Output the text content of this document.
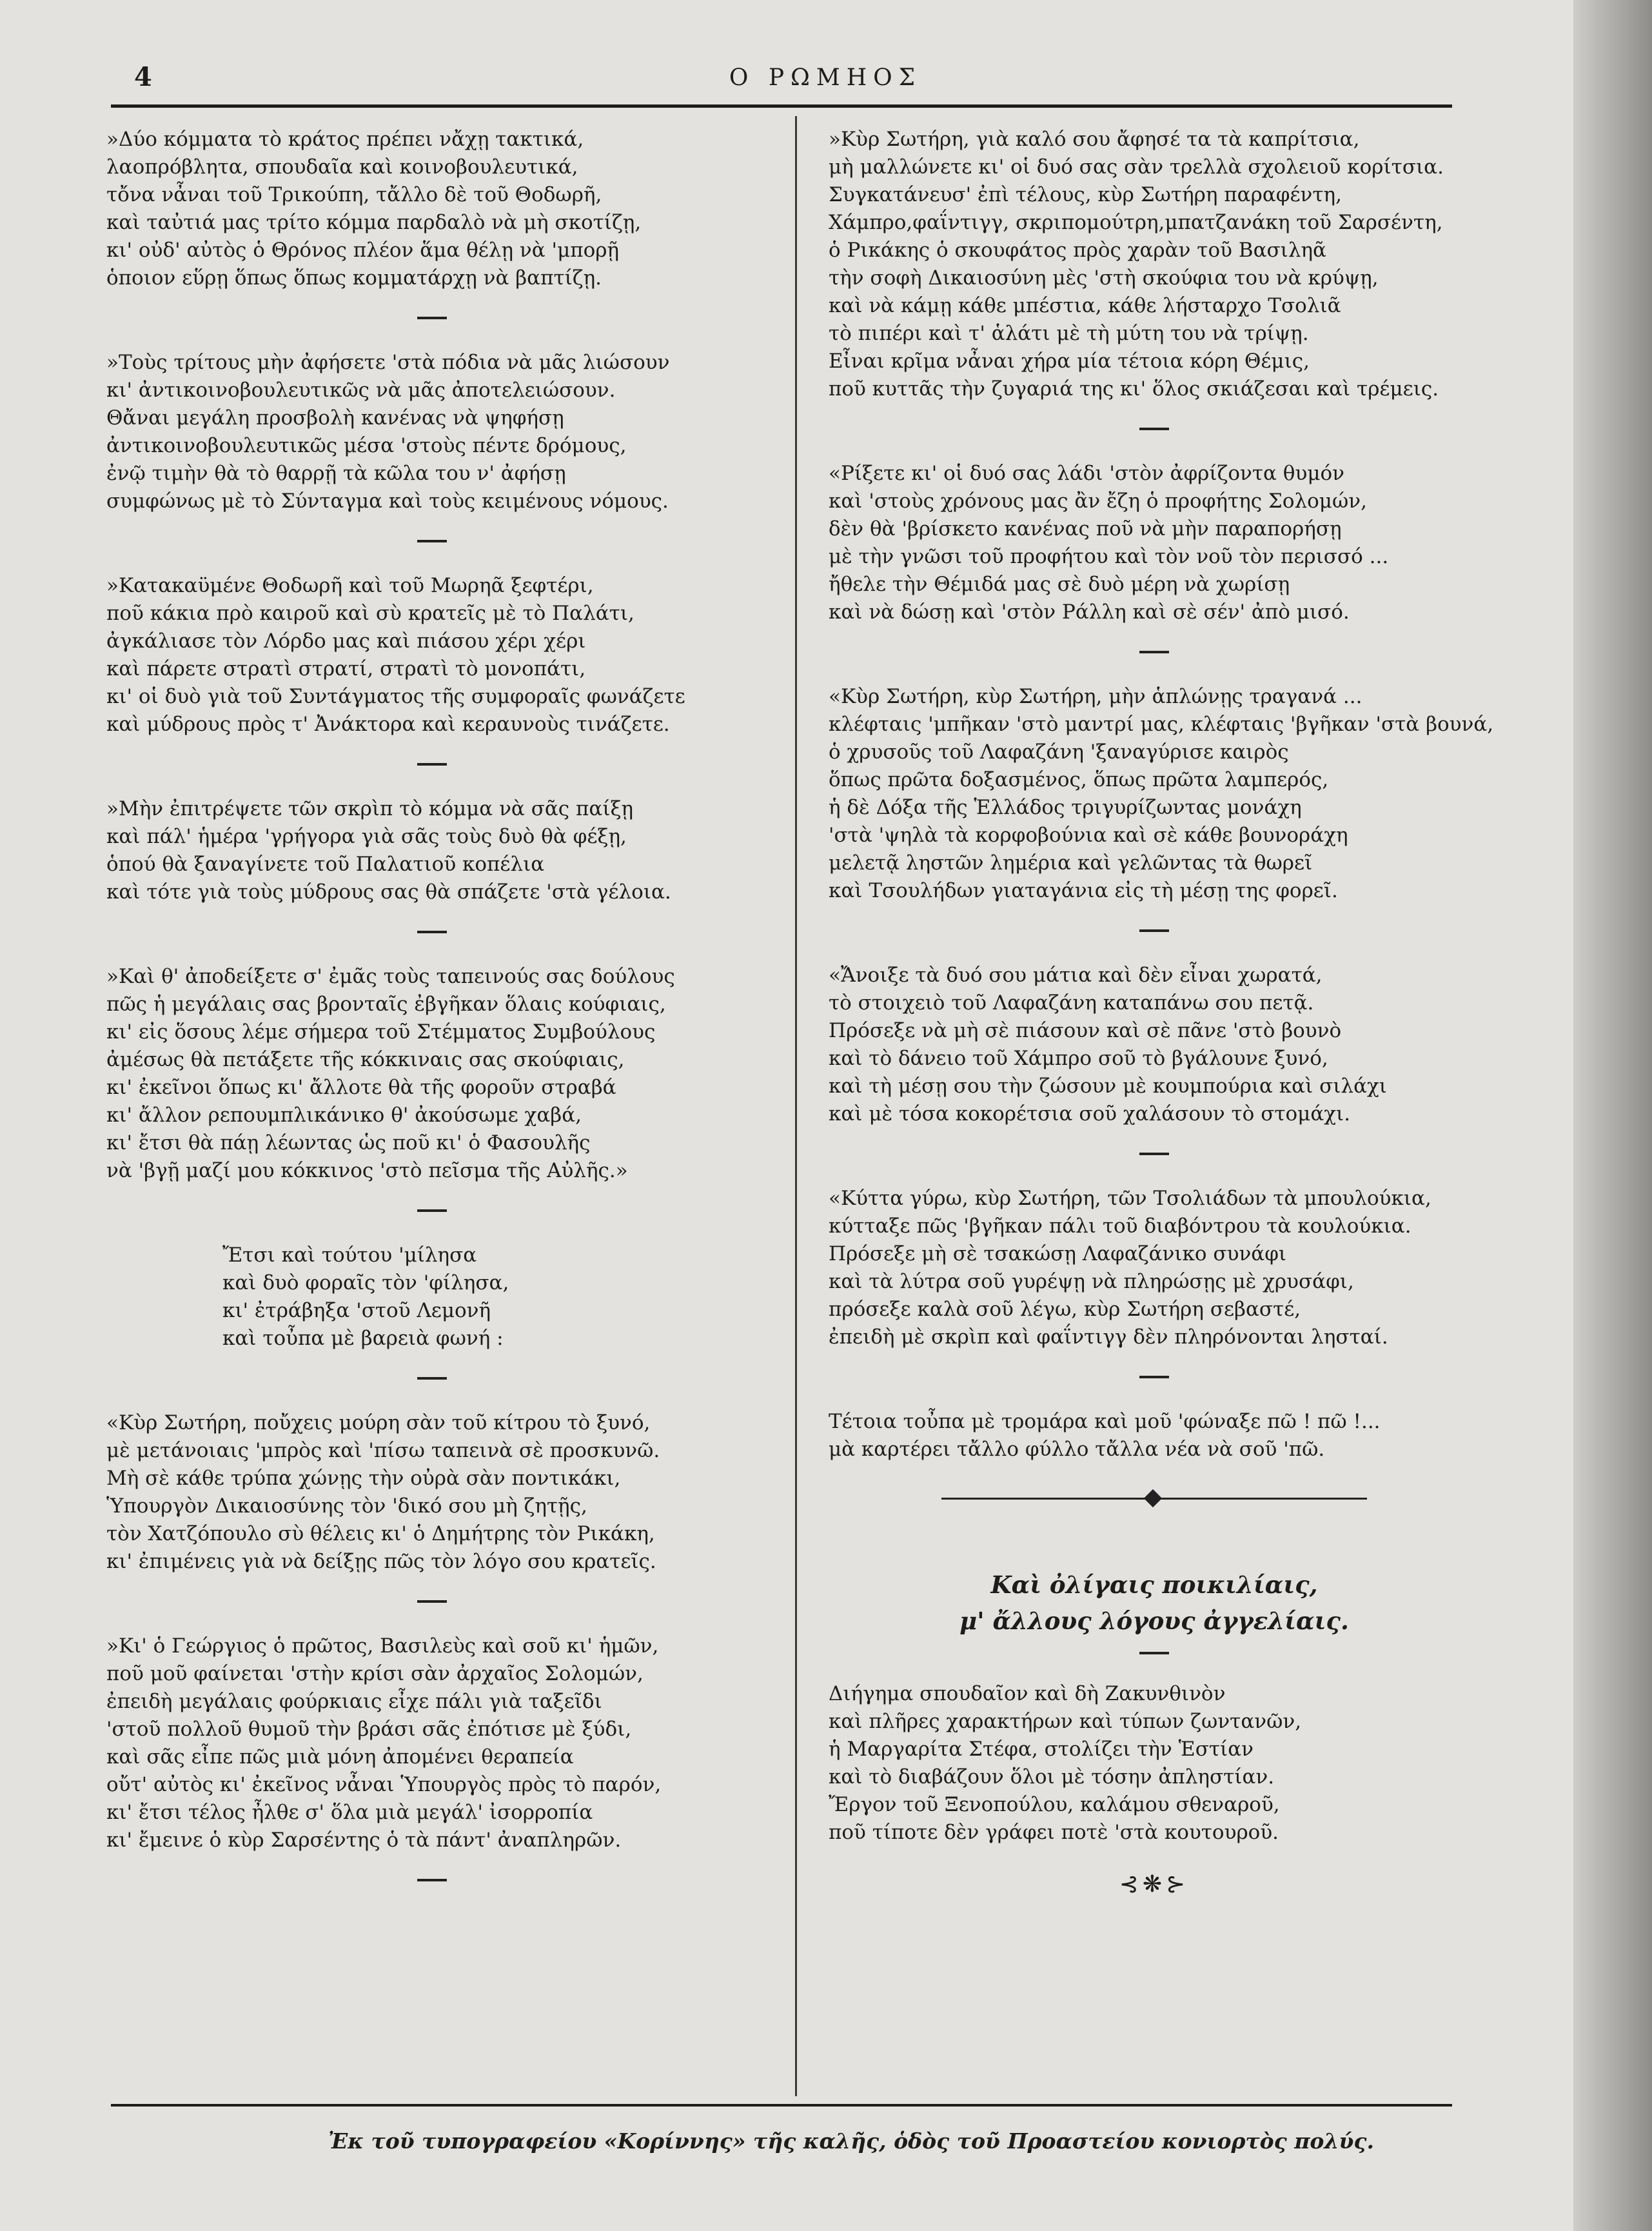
4	Ο ΡΩΜΗΟΣ
»Δύο κόμματα τὸ κράτος πρέπει νἄχῃ τακτικά,
λαοπρόβλητα, σπουδαῖα καὶ κοινοβουλευτικά,
τὄνα νἆναι τοῦ Τρικούπη, τἄλλο δὲ τοῦ Θοδωρῆ,
καὶ ταὐτιά μας τρίτο κόμμα παρδαλὸ νὰ μὴ σκοτίζῃ,
κι' οὐδ' αὐτὸς ὁ Θρόνος πλέον ἅμα θέλῃ νὰ 'μπορῇ
ὁποιον εὕρῃ ὅπως ὅπως κομματάρχῃ νὰ βαπτίζῃ.
»Τοὺς τρίτους μὴν ἀφήσετε 'στὰ πόδια νὰ μᾶς λιώσουν
κι' ἀντικοινοβουλευτικῶς νὰ μᾶς ἀποτελειώσουν.
Θἄναι μεγάλη προσβολὴ κανένας νὰ ψηφήσῃ
ἀντικοινοβουλευτικῶς μέσα 'στοὺς πέντε δρόμους,
ἐνῷ τιμὴν θὰ τὸ θαρρῇ τὰ κῶλα του ν' ἀφήσῃ
συμφώνως μὲ τὸ Σύνταγμα καὶ τοὺς κειμένους νόμους.
»Κατακαϋμένε Θοδωρῆ καὶ τοῦ Μωρηᾶ ξεφτέρι,
ποῦ κάκια πρὸ καιροῦ καὶ σὺ κρατεῖς μὲ τὸ Παλάτι,
ἀγκάλιασε τὸν Λόρδο μας καὶ πιάσου χέρι χέρι
καὶ πάρετε στρατὶ στρατί, στρατὶ τὸ μονοπάτι,
κι' οἱ δυὸ γιὰ τοῦ Συντάγματος τῆς συμφοραῖς φωνάζετε
καὶ μύδρους πρὸς τ' Ἀνάκτορα καὶ κεραυνοὺς τινάζετε.
»Μὴν ἐπιτρέψετε τῶν σκρὶπ τὸ κόμμα νὰ σᾶς παίξῃ
καὶ πάλ' ἡμέρα 'γρήγορα γιὰ σᾶς τοὺς δυὸ θὰ φέξῃ,
ὁπού θὰ ξαναγίνετε τοῦ Παλατιοῦ κοπέλια
καὶ τότε γιὰ τοὺς μύδρους σας θὰ σπάζετε 'στὰ γέλοια.
»Καὶ θ' ἀποδείξετε σ' ἐμᾶς τοὺς ταπεινούς σας δούλους
πῶς ἡ μεγάλαις σας βρονταῖς ἐβγῆκαν ὅλαις κούφιαις,
κι' εἰς ὅσους λέμε σήμερα τοῦ Στέμματος Συμβούλους
ἀμέσως θὰ πετάξετε τῆς κόκκιναις σας σκούφιαις,
κι' ἐκεῖνοι ὅπως κι' ἄλλοτε θὰ τῆς φοροῦν στραβά
κι' ἄλλον ρεπουμπλικάνικο θ' ἀκούσωμε χαβά,
κι' ἔτσι θὰ πάῃ λέωντας ὡς ποῦ κι' ὁ Φασουλῆς
νὰ 'βγῇ μαζί μου κόκκινος 'στὸ πεῖσμα τῆς Αὐλῆς.»
Ἔτσι καὶ τούτου 'μίλησα
καὶ δυὸ φοραῖς τὸν 'φίλησα,
κι' ἐτράβηξα 'στοῦ Λεμονῆ
καὶ τοὖπα μὲ βαρειὰ φωνή :
«Κὺρ Σωτήρη, ποὔχεις μούρη σὰν τοῦ κίτρου τὸ ξυνό,
μὲ μετάνοιαις 'μπρὸς καὶ 'πίσω ταπεινὰ σὲ προσκυνῶ.
Μὴ σὲ κάθε τρύπα χώνῃς τὴν οὐρὰ σὰν ποντικάκι,
Ὑπουργὸν Δικαιοσύνης τὸν 'δικό σου μὴ ζητῇς,
τὸν Χατζόπουλο σὺ θέλεις κι' ὁ Δημήτρης τὸν Ρικάκη,
κι' ἐπιμένεις γιὰ νὰ δείξῃς πῶς τὸν λόγο σου κρατεῖς.
»Κι' ὁ Γεώργιος ὁ πρῶτος, Βασιλεὺς καὶ σοῦ κι' ἡμῶν,
ποῦ μοῦ φαίνεται 'στὴν κρίσι σὰν ἀρχαῖος Σολομών,
ἐπειδὴ μεγάλαις φούρκιαις εἶχε πάλι γιὰ ταξεῖδι
'στοῦ πολλοῦ θυμοῦ τὴν βράσι σᾶς ἐπότισε μὲ ξύδι,
καὶ σᾶς εἶπε πῶς μιὰ μόνη ἀπομένει θεραπεία
οὔτ' αὐτὸς κι' ἐκεῖνος νἆναι Ὑπουργὸς πρὸς τὸ παρόν,
κι' ἔτσι τέλος ἦλθε σ' ὅλα μιὰ μεγάλ' ἰσορροπία
κι' ἔμεινε ὁ κὺρ Σαρσέντης ὁ τὰ πάντ' ἀναπληρῶν.
»Κὺρ Σωτήρη, γιὰ καλό σου ἄφησέ τα τὰ καπρίτσια,
μὴ μαλλώνετε κι' οἱ δυό σας σὰν τρελλὰ σχολειοῦ κορίτσια.
Συγκατάνευσ' ἐπὶ τέλους, κὺρ Σωτήρη παραφέντη,
Χάμπρο,φαΐντιγγ, σκριπομούτρη,μπατζανάκη τοῦ Σαρσέντη,
ὁ Ρικάκης ὁ σκουφάτος πρὸς χαρὰν τοῦ Βασιληᾶ
τὴν σοφὴ Δικαιοσύνη μὲς 'στὴ σκούφια του νὰ κρύψῃ,
καὶ νὰ κάμῃ κάθε μπέστια, κάθε λήσταρχο Τσολιᾶ
τὸ πιπέρι καὶ τ' ἁλάτι μὲ τὴ μύτη του νὰ τρίψῃ.
Εἶναι κρῖμα νἆναι χήρα μία τέτοια κόρη Θέμις,
ποῦ κυττᾶς τὴν ζυγαριά της κι' ὅλος σκιάζεσαι καὶ τρέμεις.
«Ρίξετε κι' οἱ δυό σας λάδι 'στὸν ἀφρίζοντα θυμόν
καὶ 'στοὺς χρόνους μας ἂν ἔζη ὁ προφήτης Σολομών,
δὲν θὰ 'βρίσκετο κανένας ποῦ νὰ μὴν παραπορήσῃ
μὲ τὴν γνῶσι τοῦ προφήτου καὶ τὸν νοῦ τὸν περισσό ...
ἤθελε τὴν Θέμιδά μας σὲ δυὸ μέρη νὰ χωρίσῃ
καὶ νὰ δώσῃ καὶ 'στὸν Ράλλη καὶ σὲ σέν' ἀπὸ μισό.
«Κὺρ Σωτήρη, κὺρ Σωτήρη, μὴν ἁπλώνῃς τραγανά ...
κλέφταις 'μπῆκαν 'στὸ μαντρί μας, κλέφταις 'βγῆκαν 'στὰ βουνά,
ὁ χρυσοῦς τοῦ Λαφαζάνη 'ξαναγύρισε καιρὸς
ὅπως πρῶτα δοξασμένος, ὅπως πρῶτα λαμπερός,
ἡ δὲ Δόξα τῆς Ἑλλάδος τριγυρίζωντας μονάχη
'στὰ 'ψηλὰ τὰ κορφοβούνια καὶ σὲ κάθε βουνοράχη
μελετᾷ ληστῶν λημέρια καὶ γελῶντας τὰ θωρεῖ
καὶ Τσουλήδων γιαταγάνια εἰς τὴ μέσῃ της φορεῖ.
«Ἄνοιξε τὰ δυό σου μάτια καὶ δὲν εἶναι χωρατά,
τὸ στοιχειὸ τοῦ Λαφαζάνη καταπάνω σου πετᾷ.
Πρόσεξε νὰ μὴ σὲ πιάσουν καὶ σὲ πᾶνε 'στὸ βουνὸ
καὶ τὸ δάνειο τοῦ Χάμπρο σοῦ τὸ βγάλουνε ξυνό,
καὶ τὴ μέσῃ σου τὴν ζώσουν μὲ κουμπούρια καὶ σιλάχι
καὶ μὲ τόσα κοκορέτσια σοῦ χαλάσουν τὸ στομάχι.
«Κύττα γύρω, κὺρ Σωτήρη, τῶν Τσολιάδων τὰ μπουλούκια,
κύτταξε πῶς 'βγῆκαν πάλι τοῦ διαβόντρου τὰ κουλούκια.
Πρόσεξε μὴ σὲ τσακώσῃ Λαφαζάνικο συνάφι
καὶ τὰ λύτρα σοῦ γυρέψῃ νὰ πληρώσῃς μὲ χρυσάφι,
πρόσεξε καλὰ σοῦ λέγω, κὺρ Σωτήρη σεβαστέ,
ἐπειδὴ μὲ σκρὶπ καὶ φαΐντιγγ δὲν πληρόνονται λησταί.
Τέτοια τοὖπα μὲ τρομάρα καὶ μοῦ 'φώναξε πῶ ! πῶ !...
μὰ καρτέρει τἄλλο φύλλο τἄλλα νέα νὰ σοῦ 'πῶ.
Καὶ ὀλίγαις ποικιλίαις,
μ' ἄλλους λόγους ἀγγελίαις.
Διήγημα σπουδαῖον καὶ δὴ Ζακυνθινὸν
καὶ πλῆρες χαρακτήρων καὶ τύπων ζωντανῶν,
ἡ Μαργαρίτα Στέφα, στολίζει τὴν Ἑστίαν
καὶ τὸ διαβάζουν ὅλοι μὲ τόσην ἀπληστίαν.
Ἔργον τοῦ Ξενοπούλου, καλάμου σθεναροῦ,
ποῦ τίποτε δὲν γράφει ποτὲ 'στὰ κουτουροῦ.
⊰❋⊱
Ἐκ τοῦ τυπογραφείου «Κορίννης» τῆς καλῆς, ὁδὸς τοῦ Προαστείου κονιορτὸς πολύς.
